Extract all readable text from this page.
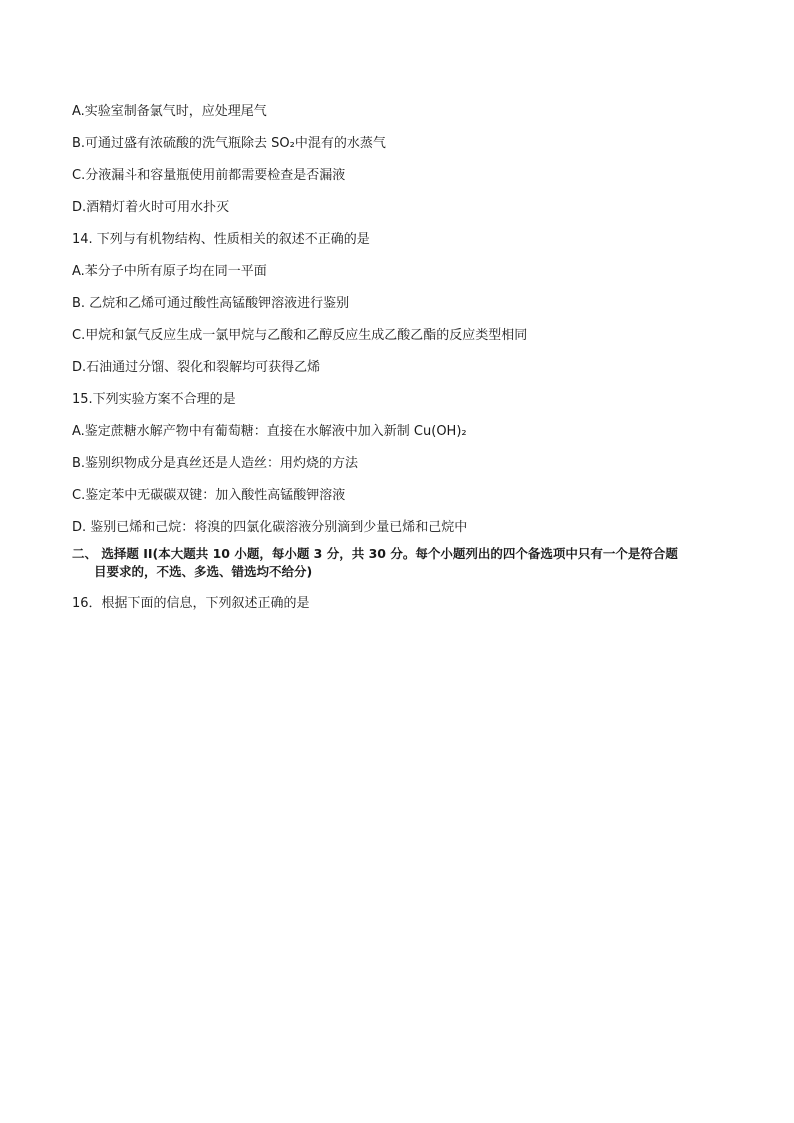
A.实验室制备氯气时，应处理尾气
B.可通过盛有浓硫酸的洗气瓶除去 SO₂中混有的水蒸气
C.分液漏斗和容量瓶使用前都需要检查是否漏液
D.酒精灯着火时可用水扑灭
14. 下列与有机物结构、性质相关的叙述不正确的是
A.苯分子中所有原子均在同一平面
B. 乙烷和乙烯可通过酸性高锰酸钾溶液进行鉴别
C.甲烷和氯气反应生成一氯甲烷与乙酸和乙醇反应生成乙酸乙酯的反应类型相同
D.石油通过分馏、裂化和裂解均可获得乙烯
15.下列实验方案不合理的是
A.鉴定蔗糖水解产物中有葡萄糖：直接在水解液中加入新制 Cu(OH)₂
B.鉴别织物成分是真丝还是人造丝：用灼烧的方法
C.鉴定苯中无碳碳双键：加入酸性高锰酸钾溶液
D. 鉴别已烯和己烷：将溴的四氯化碳溶液分别滴到少量已烯和己烷中
二、 选择题 II(本大题共 10 小题，每小题 3 分，共 30 分。每个小题列出的四个备选项中只有一个是符合题
目要求的，不选、多选、错选均不给分)
16．根据下面的信息，下列叙述正确的是
